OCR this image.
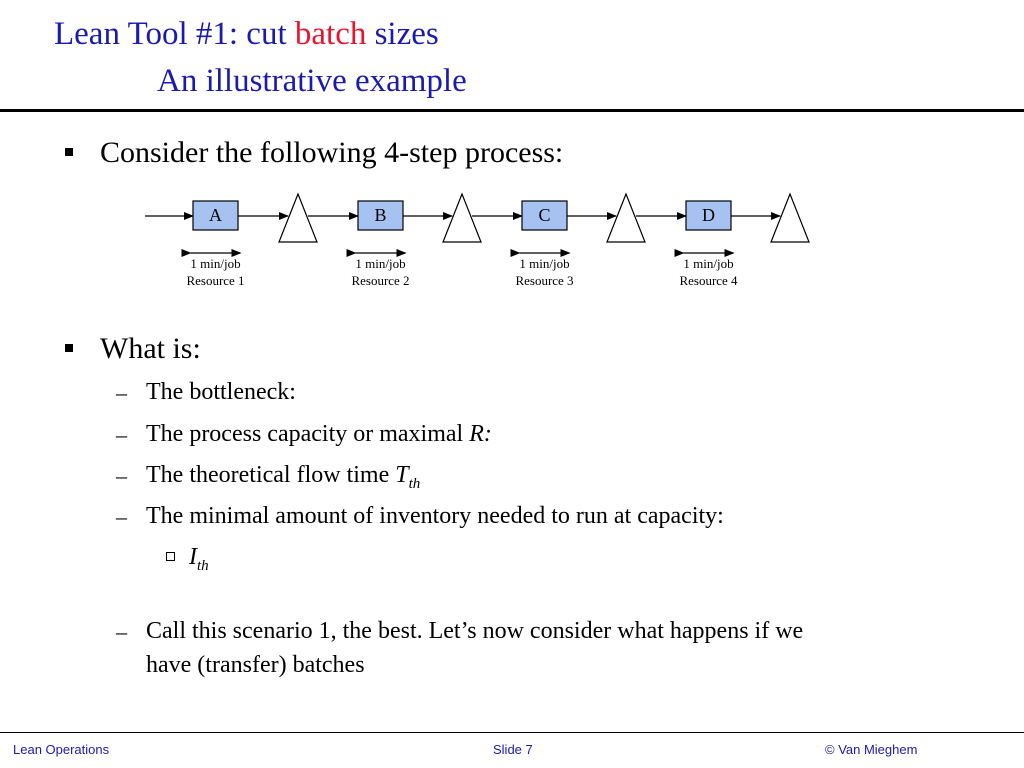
Lean Tool #1: cut batch sizes
An illustrative example
Consider the following 4-step process:
A
1 min/job
Resource 1
B
1 min/job
Resource 2
C
1 min/job
Resource 3
D
1 min/job
Resource 4
What is:
– The bottleneck:
– The process capacity or maximal R:
– The theoretical flow time $T_{th}$
– The minimal amount of inventory needed to run at capacity:
$I_{th}$
– Call this scenario 1, the best. Let’s now consider what happens if we
have (transfer) batches
Lean Operations	Slide 7	© Van Mieghem
